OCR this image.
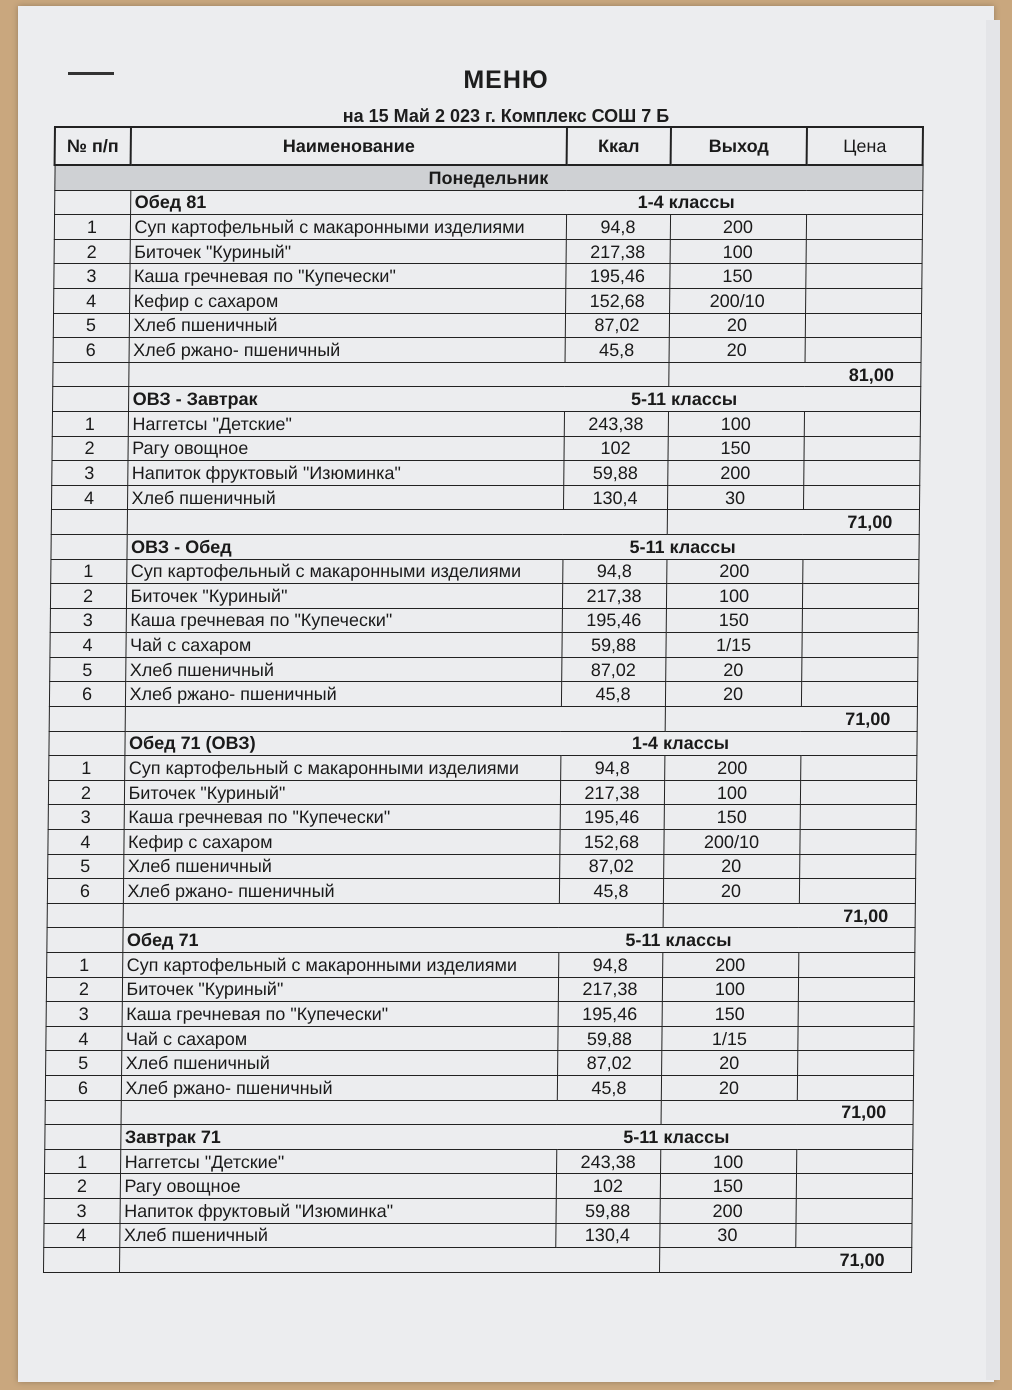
МЕНЮ
на 15 Май 2 023 г. Комплекс СОШ 7 Б
№ п/п	Наименование	Ккал	Выход	Цена
Понедельник				
	Обед 81	1-4 классы		
1	Суп картофельный с макаронными изделиями	94,8	200	
2	Биточек "Куриный"	217,38	100	
3	Каша гречневая по "Купечески"	195,46	150	
4	Кефир с сахаром	152,68	200/10	
5	Хлеб пшеничный	87,02	20	
6	Хлеб ржано- пшеничный	45,8	20	
			81,00	
	ОВЗ - Завтрак	5-11 классы		
1	Наггетсы "Детские"	243,38	100	
2	Рагу овощное	102	150	
3	Напиток фруктовый "Изюминка"	59,88	200	
4	Хлеб пшеничный	130,4	30	
			71,00	
	ОВЗ - Обед	5-11 классы		
1	Суп картофельный с макаронными изделиями	94,8	200	
2	Биточек "Куриный"	217,38	100	
3	Каша гречневая по "Купечески"	195,46	150	
4	Чай с сахаром	59,88	1/15	
5	Хлеб пшеничный	87,02	20	
6	Хлеб ржано- пшеничный	45,8	20	
			71,00	
	Обед 71 (ОВЗ)	1-4 классы		
1	Суп картофельный с макаронными изделиями	94,8	200	
2	Биточек "Куриный"	217,38	100	
3	Каша гречневая по "Купечески"	195,46	150	
4	Кефир с сахаром	152,68	200/10	
5	Хлеб пшеничный	87,02	20	
6	Хлеб ржано- пшеничный	45,8	20	
			71,00	
	Обед 71	5-11 классы		
1	Суп картофельный с макаронными изделиями	94,8	200	
2	Биточек "Куриный"	217,38	100	
3	Каша гречневая по "Купечески"	195,46	150	
4	Чай с сахаром	59,88	1/15	
5	Хлеб пшеничный	87,02	20	
6	Хлеб ржано- пшеничный	45,8	20	
			71,00	
	Завтрак 71	5-11 классы		
1	Наггетсы "Детские"	243,38	100	
2	Рагу овощное	102	150	
3	Напиток фруктовый "Изюминка"	59,88	200	
4	Хлеб пшеничный	130,4	30	
			71,00	
